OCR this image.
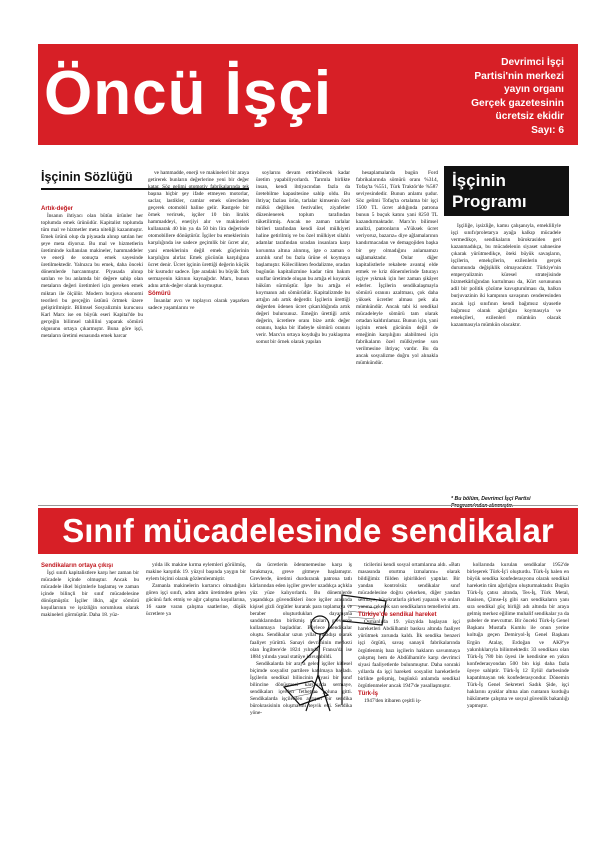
Öncü İşçi	Devrimci İşçi
Partisi'nin merkezi
yayın organı
Gerçek gazetesinin
ücretsiz ekidir
Sayı: 6
İşçinin Sözlüğü
Artık-değer

İnsanın ihtiyacı olan bütün ürünler her toplumda emek ürünüdür. Kapitalist toplumda tüm mal ve hizmetler meta niteliği kazanmıştır. Emek ürünü olup da piyasada alınıp satılan her şeye meta diyoruz. Bu mal ve hizmetlerin üretiminde kullanılan makineler, hammaddeler ve enerji de sonuçta emek sayesinde üretilmektedir. Yalnızca bu emek, daha önceki dönemlerde harcanmıştır. Piyasada alınıp satılan ve bu anlamda bir değere sahip olan metaların değeri üretimleri için gereken emek miktarı ile ölçülür. Modern burjuva ekonomi teorileri bu gerçeğin üstünü örtmek üzere geliştirilmiştir. Bilimsel Sosyalizmin kurucusu Karl Marx ise en büyük eseri Kapital'de bu gerçeğin bilimsel tahlilini yaparak sömürü olgusunu ortaya çıkarmıştır. Buna göre işçi, metaların üretimi esnasında emek harcar

ve hammadde, enerji ve makineleri bir araya getirerek bunların değerlerine yeni bir değer katar. Söz gelimi otomotiv fabrikalarında tek başına hiçbir şey ifade etmeyen motorlar, saclar, lastikler, camlar emek sürecinden geçerek otomobil haline gelir. Rastgele bir örnek verirsek, işçiler 10 bin liralık hammaddeyi, enerjiyi alır ve makineleri kullanarak 40 bin ya da 50 bin lira değerinde otomobillere dönüştürür. İşçiler bu emeklerinin karşılığında ise sadece geçimlik bir ücret alır, yani emeklerinin değil emek güçlerinin karşılığını alırlar. Emek gücünün karşılığına ücret denir. Ücret işçinin ürettiği değerin küçük bir kısmıdır sadece. İşte aradaki bu büyük fark sermayenin kârının kaynağıdır. Marx, bunun adını artık-değer olarak koymuştur.

Sömürü

İnsanlar avcı ve toplayıcı olarak yaşarken sadece yaşamlarını ve

soylarını devam ettirebilecek kadar üretim yapabiliyorlardı. Tarımla birlikte insan, kendi ihtiyacından fazla da üretebilme kapasitesine sahip oldu. Bu ihtiyaç fazlası ürün, tarlalar kimsenin özel mülkü değilken festivaller, ziyafetler düzenlenerek toplum tarafından tüketilirmiş. Ancak ne zaman tarlalar birileri tarafından kendi özel mülkiyeti haline getirilmiş ve bu özel mülkiyet silahlı adamlar tarafından sıradan insanlara karşı korunma altına alınmış, işte o zaman o azınlık sınıf bu fazla ürüne el koymaya başlamıştır. Kölecilikten feodalizme, oradan bugünün kapitalizmine kadar tüm bakım sınıflar üretimde oluşan bu artığa el koyarak hüküm sürmüştür. İşte bu artığa el koymanın adı sömürüdür. Kapitalizmde bu artığın adı artık değerdir. İşçilerin ürettiği değerden ödenen ücret çıkarıldığında artık değeri bulursunuz. Emeğin ürettiği artık değerin, ücretlere oranı bize artık değer oranını, başka bir ifadeyle sömürü oranını verir. Marx'ın ortaya koyduğu bu yaklaşıma somut bir örnek olarak yapılan

hesaplamalarda bugün Ford fabrikalarında sömürü oranı %314, Tofaş'ta %551, Türk Traktör'de %587 seviyesindedir. Bunun anlamı şudur. Söz gelimi Tofaş'ta ortalama bir işçi 1500 TL ücret aldığında patrona bunun 5 buçuk katını yani 8250 TL kazandırmaktadır. Marx'ın bilimsel analizi, patronların «Yüksek ücret veriyoruz, bazarız» diye ağlamalarının kandırmacadan ve demagojiden başka bir şey olmadığını anlamamızı sağlamaktadır. Onlar diğer kapitalistlerle rekabete avantaj elde etmek ve kriz dönemlerinde faturayı işçiye yıkmak için her zaman şikâyet ederler. İşçilerin sendikalaşmayla sömürü oranını azaltması, çok daha yüksek ücretler alması pek ala mümkündür. Ancak tabi ki sendikal mücadeleyle sömürü tam olarak ortadan kaldırılamaz. Bunun için, yani işçinin emek gücünün değil de emeğinin karşılığını alabilmesi için fabrikaların özel mülkiyetine son verilmesine ihtiyaç vardır. Bu da ancak sosyalizme doğru yol alınakla mümkündür.

İşçinin
Programı

İşçiliğe, işsizliğe, kamu çalışanıyla, emekliliyle işçi sınıfı/proletarya ayağa kalkıp mücadele vermedikçe, sendikaların bürokrasiden geri kazanmadıkça, bu mücadelenin siyaset sahnesine çıkarak yürütmedikçe, öteki büyük savaşların, işçilerin, emekçilerin, ezilenlerin gerçek durumunda değişiklik olmayacaktır. Türkiye'nin emperyalizmin küresel stratejisinde hizmetkârlığından kurtulması da, Kürt sorununun adil bir politik çözüme kavuşturulması da, halkın burjuvazinin iki kampının savaşının cenderesinden ancak işçi sınıfının kendi bağımsız siyasetle bağımsız olarak ağırlığını koymasıyla ve emekçileri, ezilenleri mümkün olacak kazanmasıyla mümkün olacaktır.

* Bu bölüm, Devrimci İşçi Partisi
Sınıf mücadelesinde sendikalar
Sendikaların ortaya çıkışı

İşçi sınıfı kapitalistlere karşı her zaman bir mücadele içinde olmuştur. Ancak bu mücadele ilkel biçimlerle başlamış ve zaman içinde bilinçli bir sınıf mücadelesine dönüşmüştür. İşçiler ilkin, ağır sömürü koşullarının ve işsizliğin sorumlusu olarak makineleri görmüştür. Daha 18. yüz-

yılda ilk makine kırma eylemleri görülmüş, makine karşıtlık 19. yüzyıl başında yaygın bir eylem biçimi olarak gözlemlenmiştir.

Zamanla makinelerin kurtarıcı olmadığını gören işçi sınıfı, adım adım üretimden gelen gücünü fark etmiş ve ağır çalışma koşullarına, 16 saate varan çalışma saatlerine, düşük ücretlere ya

da ücretlerin ödenmemesine karşı iş bırakmaya, greve gitmeye başlamıştır. Grevlerde, üretimi durdurarak patrona tatlı kârlarından eden işçiler grevler uzadıkça açlıkla yüz yüze kalıyorlardı. Bu dönemlerde yaşandıkça güvendikleri önce işçiler arasında kişisel gizli örgütler kurarak para toplamaya ve beraber oluşturdukları dayanışma sandıklarından birikmiş paraları grevlerde kullanmaya başladılar. Böylece sendikalar oluştu. Sendikalar uzun yıllar yasadışı olarak faaliyet yürüttü. Sanayi devriminin merkezi olan İngiltere'de 1824 yılında, Fransa'da ise 1884 yılında yasal statüye kavuşabildi.

Sendikalarda bir araya gelen işçiler kitlesel biçimde sosyalist partilere katılmaya başladı. İşçilerin sendikal bilincinin siyasi bir sınıf bilincine dönüşmesi karşısında sermaye, sendikaları içerden fethetme yoluna gitti. Sendikalarda işçilerden ayrışan bir sendika bürokrasisinin oluşmasını teşvik etti. Sendika yöne-

ticilerini kendi sosyal ortamlarına aldı. «Batı masasında oturtma izmalarını» olarak bildiğimiz fiilden işbirlikleri yaptılar. Bir yandan kontrolsüz sendikalar sınıf mücadelesine doğru çekerken, diğer yandan sermaye, bürokratlarla şirketi yaparak ve onları yanına çekerek sarı sendikaların temellerini attı.

Türkiye'de sendikal hareket

Osmanlı'da 19. yüzyılda başlayan işçi hareketleri Abdülhamit baskısı altında faaliyet yürütmek zorunda kaldı. İlk sendika benzeri işçi örgütü, savaş sanayii fabrikalarında örgütlenmiş bazı işçilerin hakların savunmaya çalışmış hem de Abdülhamit'e karşı devrimci siyasi faaliyetlerde bulunmuştur. Daha sonraki yıllarda da işçi hareketi sosyalist hareketlerle birlikte gelişmiş, bugünkü anlamda sendikal örgütlenmeler ancak 1947'de yasallaşmıştır.

Türk-İş

1947'den itibaren çeşitli iş-

kollarında kurulan sendikalar 1952'de birleşerek Türk-İş'i oluşturdu. Türk-İş halen en büyük sendika konfederasyonu olarak sendikal hareketin tüm ağırlığını oluşturmaktadır. Bugün Türk-İş çatısı altında, Tes-İş, Türk Metal, Basisen, Çimse-İş gibi sarı sendikaların yanı sıra sendikal güç birliği adı altında bir araya gelmiş merkez eğilime muhalif sendikalar ya da şubeler de mevcuttur. Bir önceki Türk-İş Genel Başkanı Mustafa Kumlu ile onun yerine koltuğa geçen Demiryol-İş Genel Başkanı Ergün Atalay, Erdoğan ve AKP'ye yakınlıklarıyla bilinmektedir. 33 sendikası olan Türk-İş 780 bin üyesi ile kendisine en yakın konfederasyondan 500 bin kişi daha fazla üyeye sahiptir. Türk-İş 12 Eylül darbesinde kapatılmayan tek konfederasyondur. Dönemin Türk-İş Genel Sekreteri Sadık Şide, işçi haklarını ayaklar altına alan cuntanın kurduğu hükümette çalışma ve sosyal güvenlik bakanlığı yapmıştır.
